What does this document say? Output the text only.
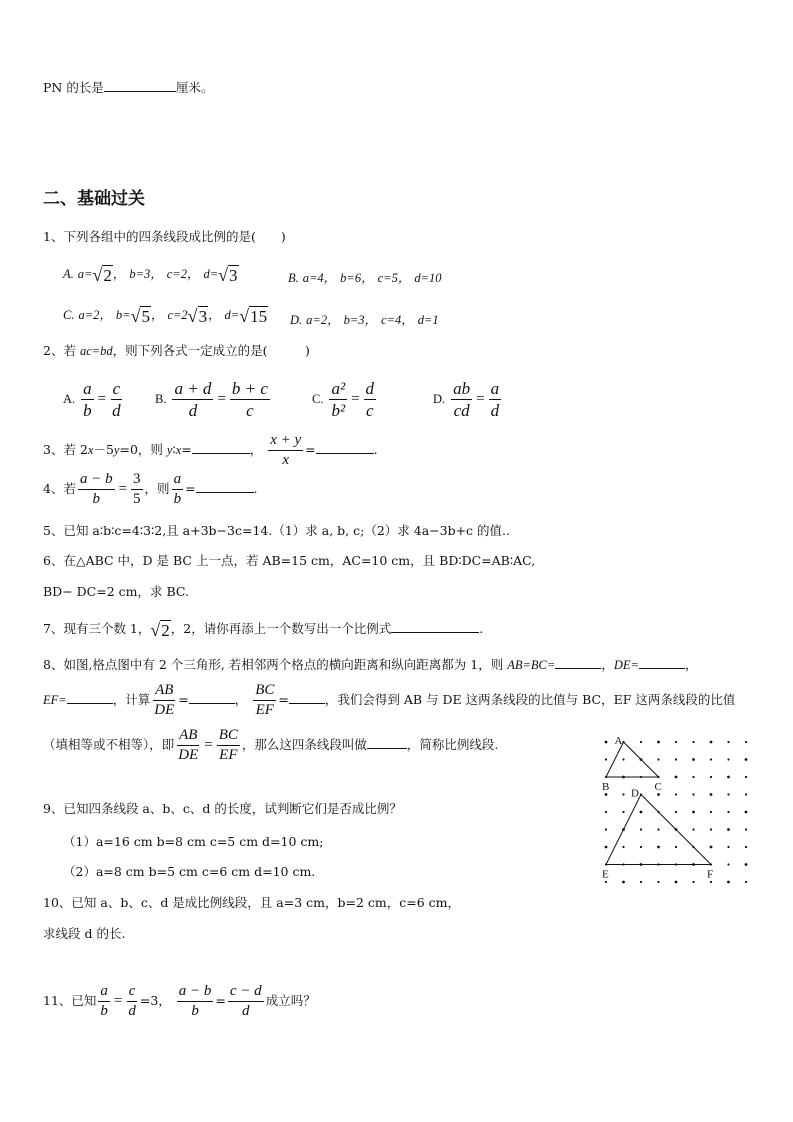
PN 的长是	厘米。
二、基础过关
1、下列各组中的四条线段成比例的是(　　)
A. a= √ 2 ， b=3， c=2， d= √ 3	B. a=4， b=6， c=5， d=10
C. a=2， b= √ 5 ， c=2 √ 3 ， d= √ 15 D. a=2， b=3， c=4， d=1
2、若 ac=bd，则下列各式一定成立的是(　　　)
A. $\frac{a}{b} = \frac{c}{d}$	B. $\frac{a + d}{d} = \frac{b + c}{c}$	C. $\frac{\text{a²}}{\text{b²}} = \frac{d}{c}$	D. $\frac{ab}{cd} = \frac{a}{d}$
3、若 2x－5y=0，则 y∶x=	， $\frac{x + y}{x}$ =	.
4、若 $\frac{a - b}{b} = \frac{3}{5}$ ，则 $\frac{a}{b}$ =	.
5、已知 a∶b∶c=4∶3∶2,且 a+3b−3c=14.（1）求 a, b, c;（2）求 4a−3b+c 的值..
6、在△ABC 中，D 是 BC 上一点，若 AB=15 cm，AC=10 cm，且 BD∶DC=AB∶AC,
BD− DC=2 cm，求 BC.
7、现有三个数 1， √ 2 ，2，请你再添上一个数写出一个比例式	.
8、如图,格点图中有 2 个三角形, 若相邻两个格点的横向距离和纵向距离都为 1，则 AB=BC=	，DE=	，
EF=	，计算 $\frac{AB}{DE}$ =	， $\frac{BC}{EF}$ =	，我们会得到 AB 与 DE 这两条线段的比值与 BC，EF 这两条线段的比值
（填相等或不相等），即 $\frac{AB}{DE} = \frac{BC}{EF}$ ，那么这四条线段叫做	，简称比例线段.	A
B	C
D
E	F
9、已知四条线段 a、b、c、d 的长度，试判断它们是否成比例？
（1）a=16 cm b=8 cm c=5 cm d=10 cm;
（2）a=8 cm b=5 cm c=6 cm d=10 cm.
10、已知 a、b、c、d 是成比例线段，且 a=3 cm，b=2 cm，c=6 cm，
求线段 d 的长.
11、已知 $\frac{a}{b} = \frac{c}{d} =3$， $\frac{a - b}{b} = \frac{c - d}{d}$ 成立吗？
